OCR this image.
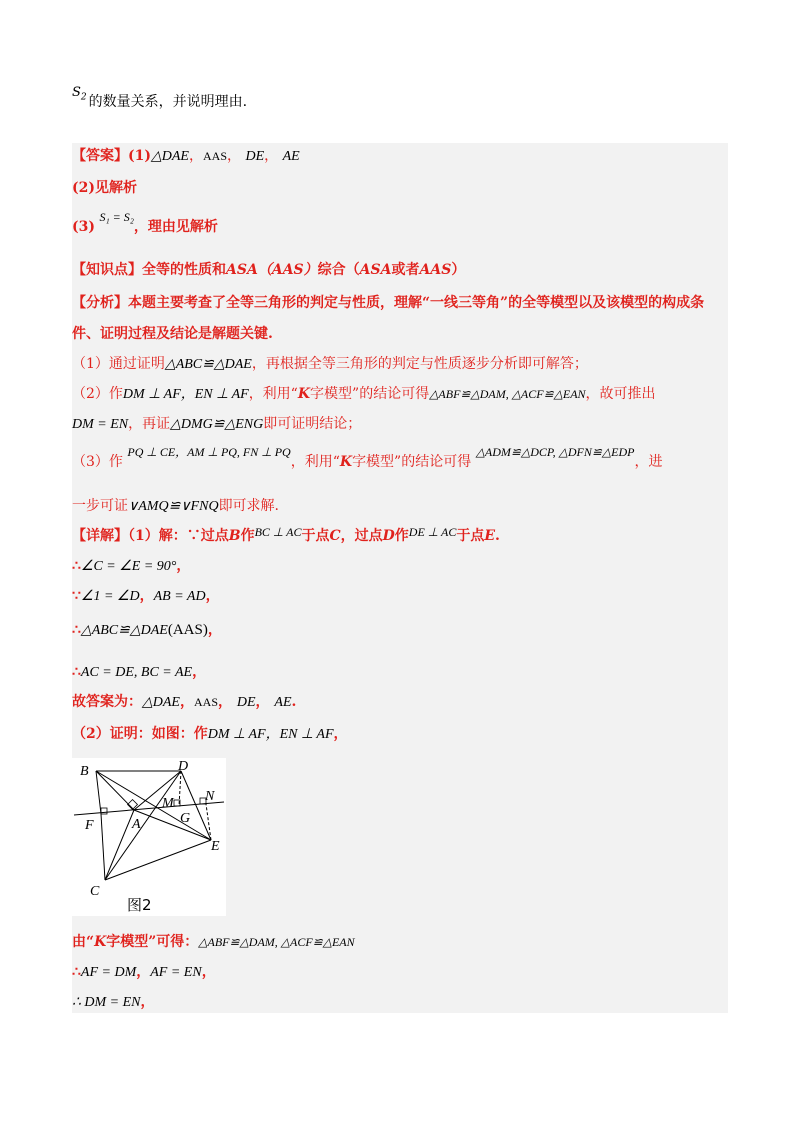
$S_2$ 的数量关系，并说明理由.
【答案】(1)△DAE，AAS， DE， AE
(2)见解析
(3) S₁ = S₂，理由见解析
【知识点】全等的性质和ASA（AAS）综合（ASA或者AAS）
【分析】本题主要考查了全等三角形的判定与性质，理解“一线三等角”的全等模型以及该模型的构成条
件、证明过程及结论是解题关键.
（1）通过证明△ABC≌△DAE，再根据全等三角形的判定与性质逐步分析即可解答；
（2）作DM ⊥ AF，EN ⊥ AF，利用“K字模型”的结论可得△ABF≌△DAM, △ACF≌△EAN，故可推出
DM = EN，再证△DMG≌△ENG即可证明结论；
（3）作 PQ ⊥ CE，AM ⊥ PQ, FN ⊥ PQ，利用“K字模型”的结论可得 △ADM≌△DCP, △DFN≌△EDP，进
一步可证∨AMQ≌∨FNQ即可求解.
【详解】（1）解：∵过点B作BC ⊥ AC于点C，过点D作DE ⊥ AC于点E.
∴∠C = ∠E = 90°，
∵∠1 = ∠D，AB = AD，
∴△ABC≌△DAE(AAS)，
∴AC = DE, BC = AE，
故答案为：△DAE，AAS， DE， AE.
（2）证明：如图：作DM ⊥ AF，EN ⊥ AF，
B	D
M N
F	A	G
E
C
图2
由“K字模型”可得：△ABF≌△DAM, △ACF≌△EAN
∴AF = DM，AF = EN，
∴ DM = EN，
